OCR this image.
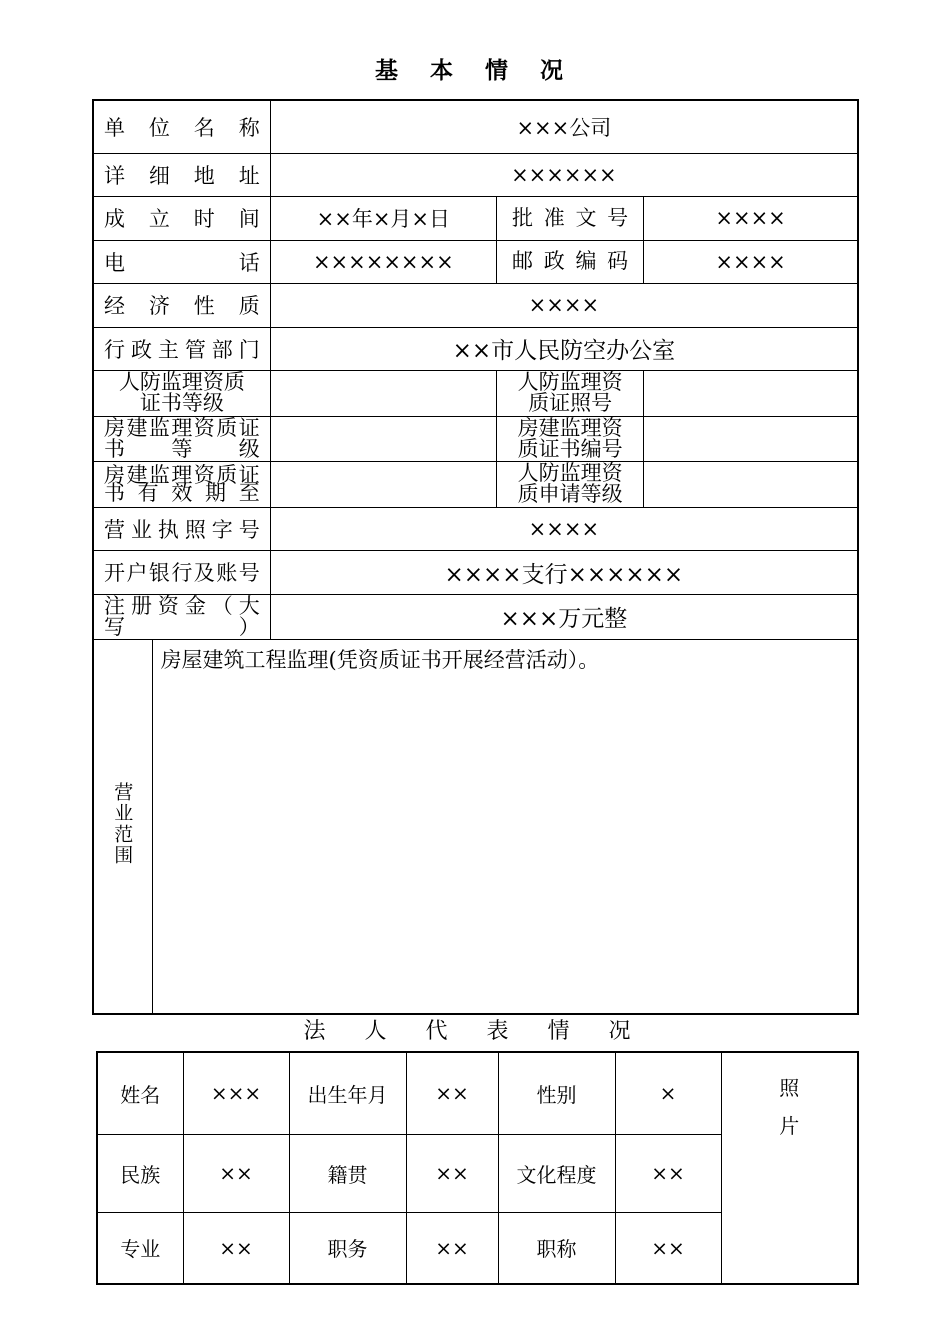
基 本 情 况
单位名称		×××公司		
详细地址		××××××		
成立时间		××年×月×日	批准文号	××××
电话		××××××××	邮政编码	××××
经济性质		××××		
行政主管部门		××市人民防空办公室		
人防监理资质证书等级			人防监理资质证照号	
房建监理资质证书等级			房建监理资质证书编号	
房建监理资质证书有效期至			人防监理资质申请等级	
营业执照字号		××××		
开户银行及账号		××××支行××××××		
注册资金（大写）		×××万元整		
营业范围	房屋建筑工程监理(凭资质证书开展经营活动）。			
法 人 代 表 情 况
姓名	×××	出生年月	××	性别	×	照
片

民族	××	籍贯	××	文化程度	××	
专业	××	职务	××	职称	××	
